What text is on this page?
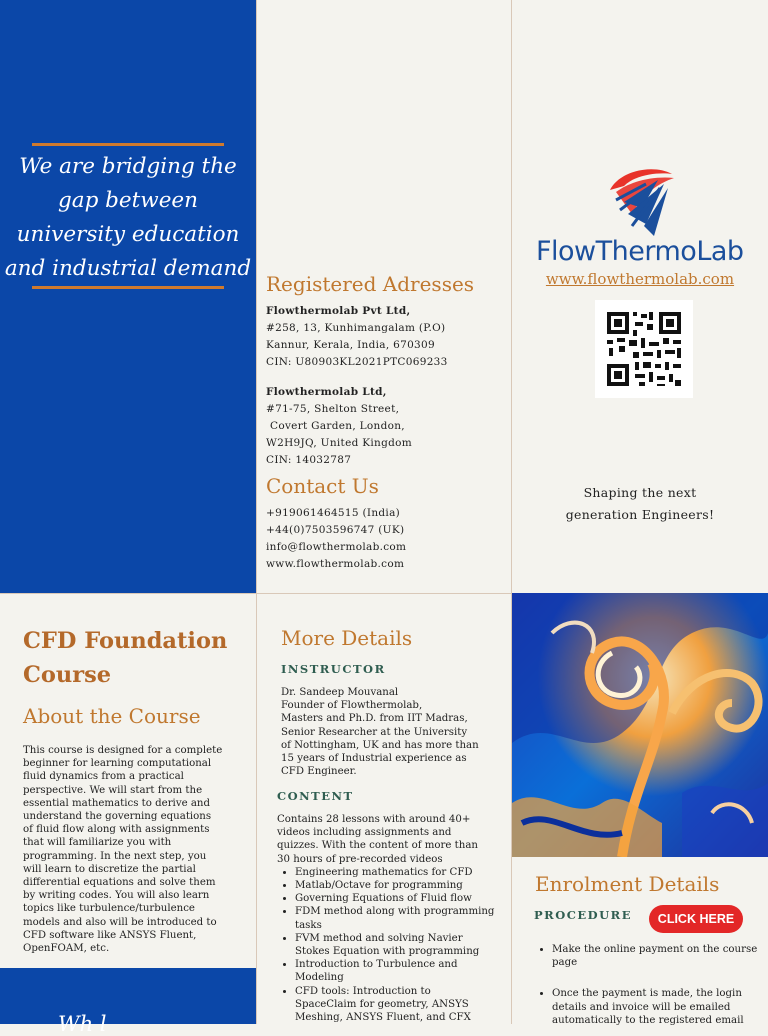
We are bridging the
gap between
university education
and industrial demand
Registered Adresses
Flowthermolab Pvt Ltd,
#258, 13, Kunhimangalam (P.O)
Kannur, Kerala, India, 670309
CIN: U80903KL2021PTC069233
Flowthermolab Ltd,
#71-75, Shelton Street,
Covert Garden, London,
W2H9JQ, United Kingdom
CIN: 14032787
Contact Us
+919061464515 (India)
+44(0)7503596747 (UK)
info@flowthermolab.com
www.flowthermolab.com
www.flowthermolab.com
Shaping the next
generation Engineers!
FlowThermoLab
CFD Foundation
Course
About the Course
This course is designed for a complete
beginner for learning computational
fluid dynamics from a practical
perspective. We will start from the
essential mathematics to derive and
understand the governing equations
of fluid flow along with assignments
that will familiarize you with
programming. In the next step, you
will learn to discretize the partial
differential equations and solve them
by writing codes. You will also learn
topics like turbulence/turbulence
models and also will be introduced to
CFD software like ANSYS Fluent,
OpenFOAM, etc.
Wh l
More Details
INSTRUCTOR
Dr. Sandeep Mouvanal
Founder of Flowthermolab,
Masters and Ph.D. from IIT Madras,
Senior Researcher at the University
of Nottingham, UK and has more than
15 years of Industrial experience as
CFD Engineer.
CONTENT
Contains 28 lessons with around 40+
videos including assignments and
quizzes. With the content of more than
30 hours of pre-recorded videos
• Engineering mathematics for CFD
• Matlab/Octave for programming
• Governing Equations of Fluid flow
• FDM method along with programming tasks
• FVM method and solving Navier Stokes Equation with programming
• Introduction to Turbulence and Modeling
• CFD tools: Introduction to SpaceClaim for geometry, ANSYS Meshing, ANSYS Fluent, and CFX
Enrolment Details
PROCEDURE	CLICK HERE
• Make the online payment on the course page
• Once the payment is made, the login details and invoice will be emailed automatically to the registered email
